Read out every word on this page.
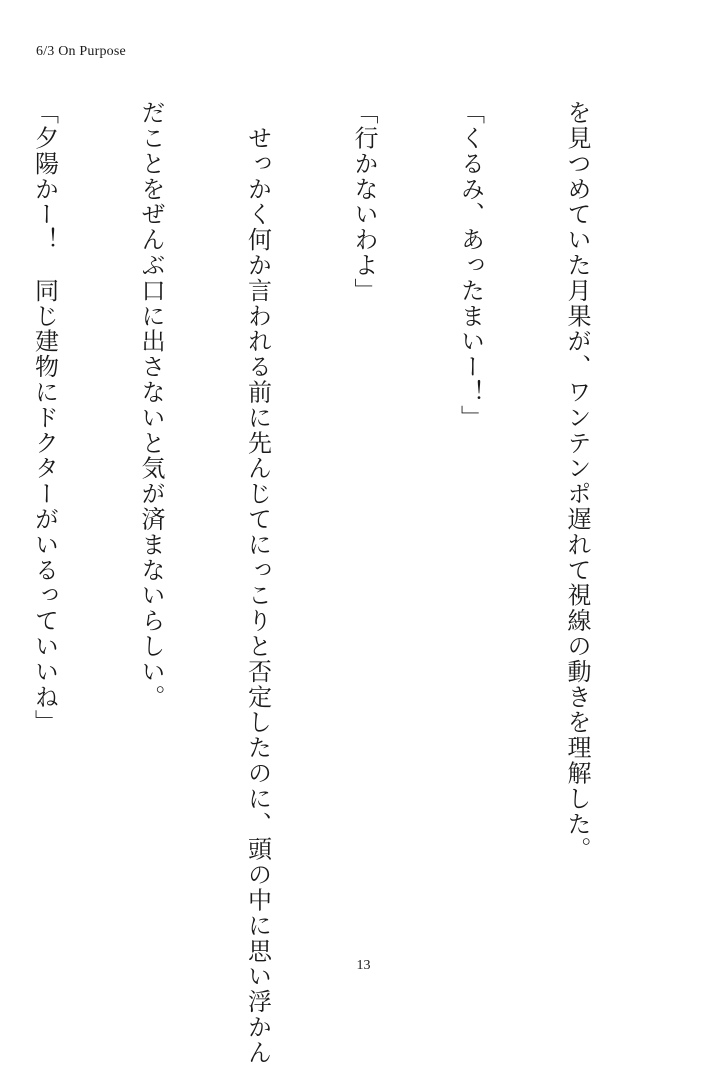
6/3 On Purpose

を見つめていた月果が、ワンテンポ遅れて視線の動きを理解した。

「くるみ、あったまいー！」

「行かないわよ」

　せっかく何か言われる前に先んじてにっこりと否定したのに、頭の中に思い浮かん

だことをぜんぶ口に出さないと気が済まないらしい。

「夕陽かー！　同じ建物にドクターがいるっていいね」

13
